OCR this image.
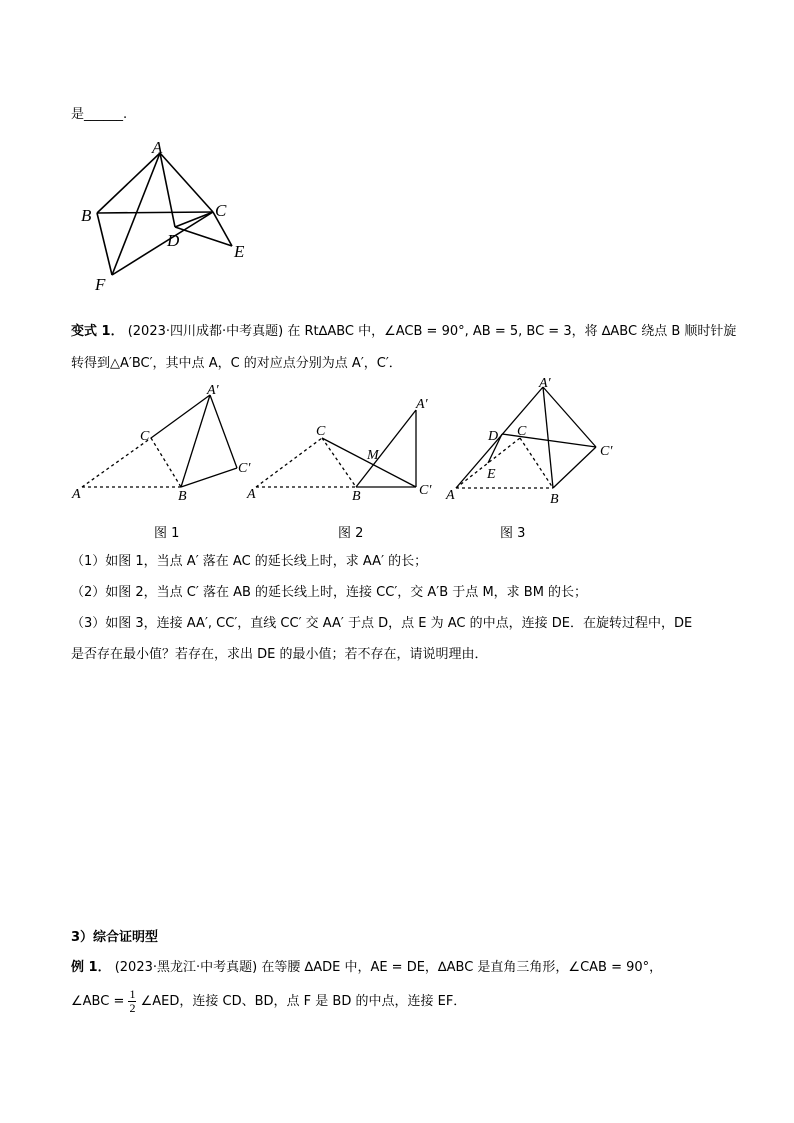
是______.
A
B	C
D
E
F
变式 1． (2023·四川成都·中考真题) 在 Rt∆ABC 中，∠ACB = 90°, AB = 5, BC = 3，将 ∆ABC 绕点 B 顺时针旋
转得到△A′BC′，其中点 A，C 的对应点分别为点 A′，C′．
A	B
C
A′
C′
图 1
A	B
C
M
A′
C′
图 2
A	B
C
D
E
A′
C′
图 3
（1）如图 1，当点 A′ 落在 AC 的延长线上时，求 AA′ 的长；
（2）如图 2，当点 C′ 落在 AB 的延长线上时，连接 CC′，交 A′B 于点 M，求 BM 的长；
（3）如图 3，连接 AA′, CC′，直线 CC′ 交 AA′ 于点 D，点 E 为 AC 的中点，连接 DE．在旋转过程中，DE
是否存在最小值？若存在，求出 DE 的最小值；若不存在，请说明理由．
3）综合证明型
例 1． (2023·黑龙江·中考真题) 在等腰 ∆ADE 中，AE = DE，∆ABC 是直角三角形，∠CAB = 90°，
∠ABC = $\frac{1}{2}$ ∠AED，连接 CD、BD，点 F 是 BD 的中点，连接 EF．
